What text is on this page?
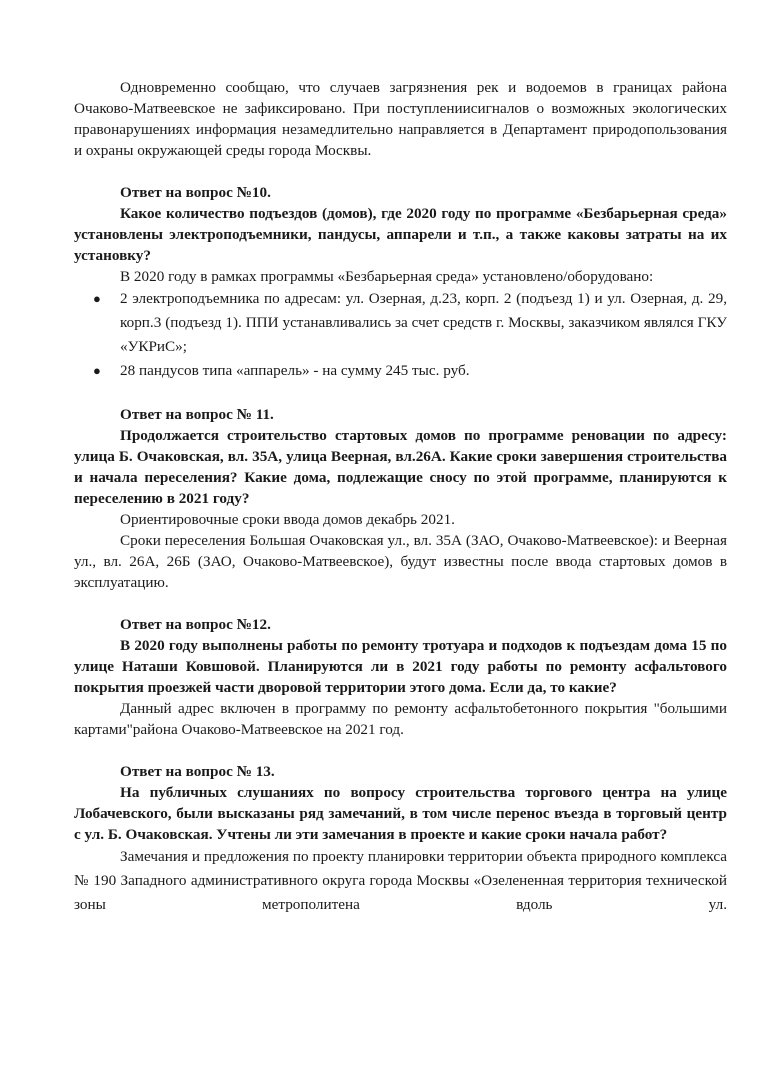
Одновременно сообщаю, что случаев загрязнения рек и водоемов в границах района Очаково-Матвеевское не зафиксировано. При поступлениисигналов о возможных экологических правонарушениях информация незамедлительно направляется в Департамент природопользования и охраны окружающей среды города Москвы.

Ответ на вопрос №10.

Какое количество подъездов (домов), где 2020 году по программе «Безбарьерная среда» установлены электроподъемники, пандусы, аппарели и т.п., а также каковы затраты на их установку?

В 2020 году в рамках программы «Безбарьерная среда» установлено/оборудовано:

● 2 электроподъемника по адресам: ул. Озерная, д.23, корп. 2 (подъезд 1) и ул. Озерная, д. 29, корп.3 (подъезд 1). ППИ устанавливались за счет средств г. Москвы, заказчиком являлся ГКУ «УКРиС»;
● 28 пандусов типа «аппарель» - на сумму 245 тыс. руб.

Ответ на вопрос № 11.

Продолжается строительство стартовых домов по программе реновации по адресу: улица Б. Очаковская, вл. 35А, улица Веерная, вл.26А. Какие сроки завершения строительства и начала переселения? Какие дома, подлежащие сносу по этой программе, планируются к переселению в 2021 году?

Ориентировочные сроки ввода домов декабрь 2021.

Сроки переселения Большая Очаковская ул., вл. 35А (ЗАО, Очаково-Матвеевское): и Веерная ул., вл. 26А, 26Б (ЗАО, Очаково-Матвеевское), будут известны после ввода стартовых домов в эксплуатацию.

Ответ на вопрос №12.

В 2020 году выполнены работы по ремонту тротуара и подходов к подъездам дома 15 по улице Наташи Ковшовой. Планируются ли в 2021 году работы по ремонту асфальтового покрытия проезжей части дворовой территории этого дома. Если да, то какие?

Данный адрес включен в программу по ремонту асфальтобетонного покрытия "большими картами"района Очаково-Матвеевское на 2021 год.

Ответ на вопрос № 13.

На публичных слушаниях по вопросу строительства торгового центра на улице Лобачевского, были высказаны ряд замечаний, в том числе перенос въезда в торговый центр с ул. Б. Очаковская. Учтены ли эти замечания в проекте и какие сроки начала работ?

Замечания и предложения по проекту планировки территории объекта природного комплекса № 190 Западного административного округа города Москвы «Озелененная территория технической зоны метрополитена вдоль ул.
